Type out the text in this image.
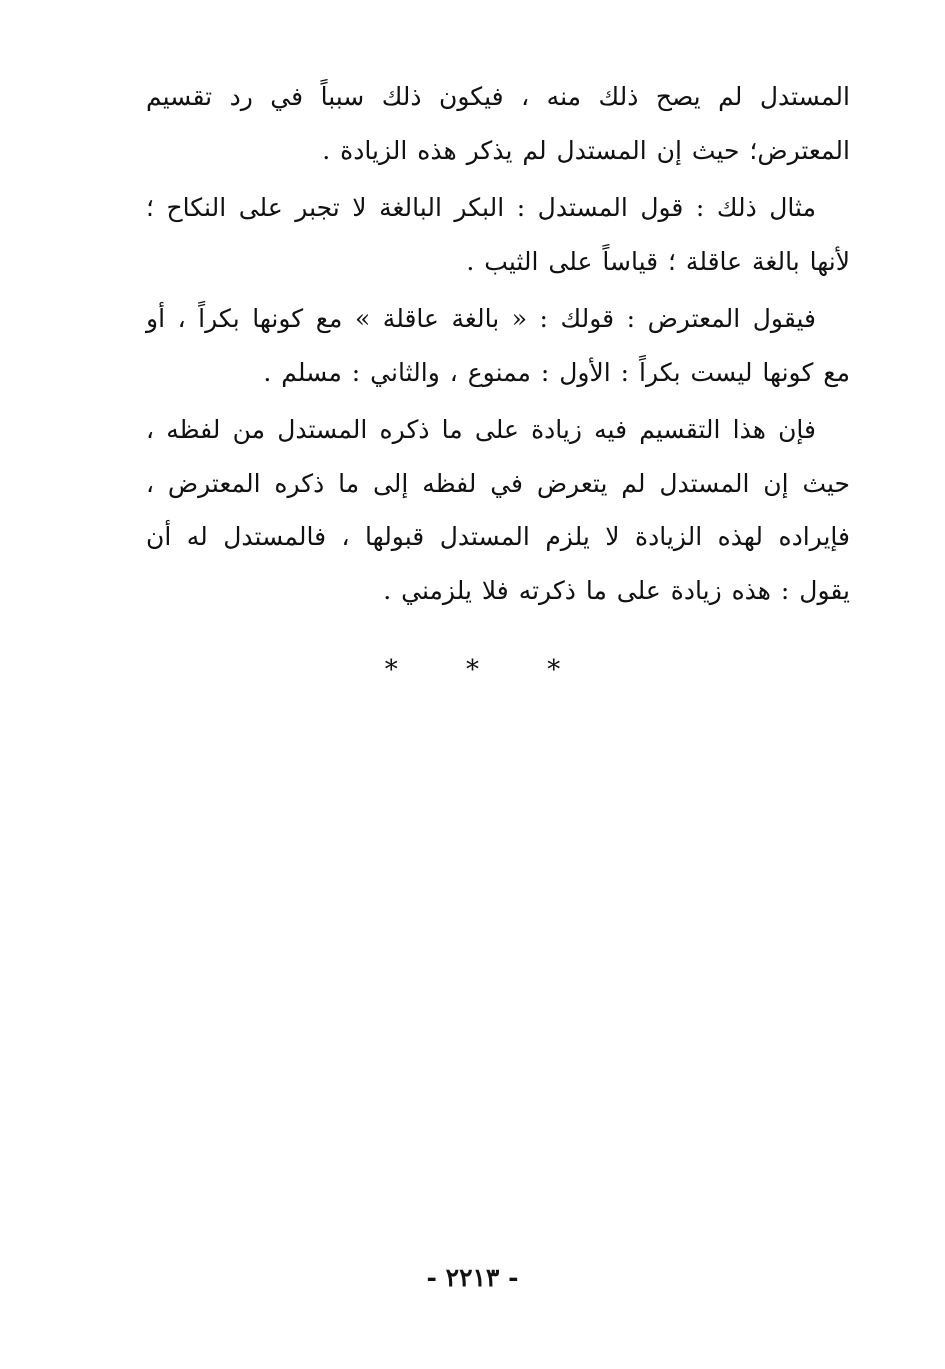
المستدل لم يصح ذلك منه ، فيكون ذلك سبباً في رد تقسيم المعترض؛ حيث إن المستدل لم يذكر هذه الزيادة .

مثال ذلك : قول المستدل : البكر البالغة لا تجبر على النكاح ؛ لأنها بالغة عاقلة ؛ قياساً على الثيب .

فيقول المعترض : قولك : « بالغة عاقلة » مع كونها بكراً ، أو مع كونها ليست بكراً : الأول : ممنوع ، والثاني : مسلم .

فإن هذا التقسيم فيه زيادة على ما ذكره المستدل من لفظه ، حيث إن المستدل لم يتعرض في لفظه إلى ما ذكره المعترض ، فإيراده لهذه الزيادة لا يلزم المستدل قبولها ، فالمستدل له أن يقول : هذه زيادة على ما ذكرته فلا يلزمني .

*	*	*
- ٢٢١٣ -
